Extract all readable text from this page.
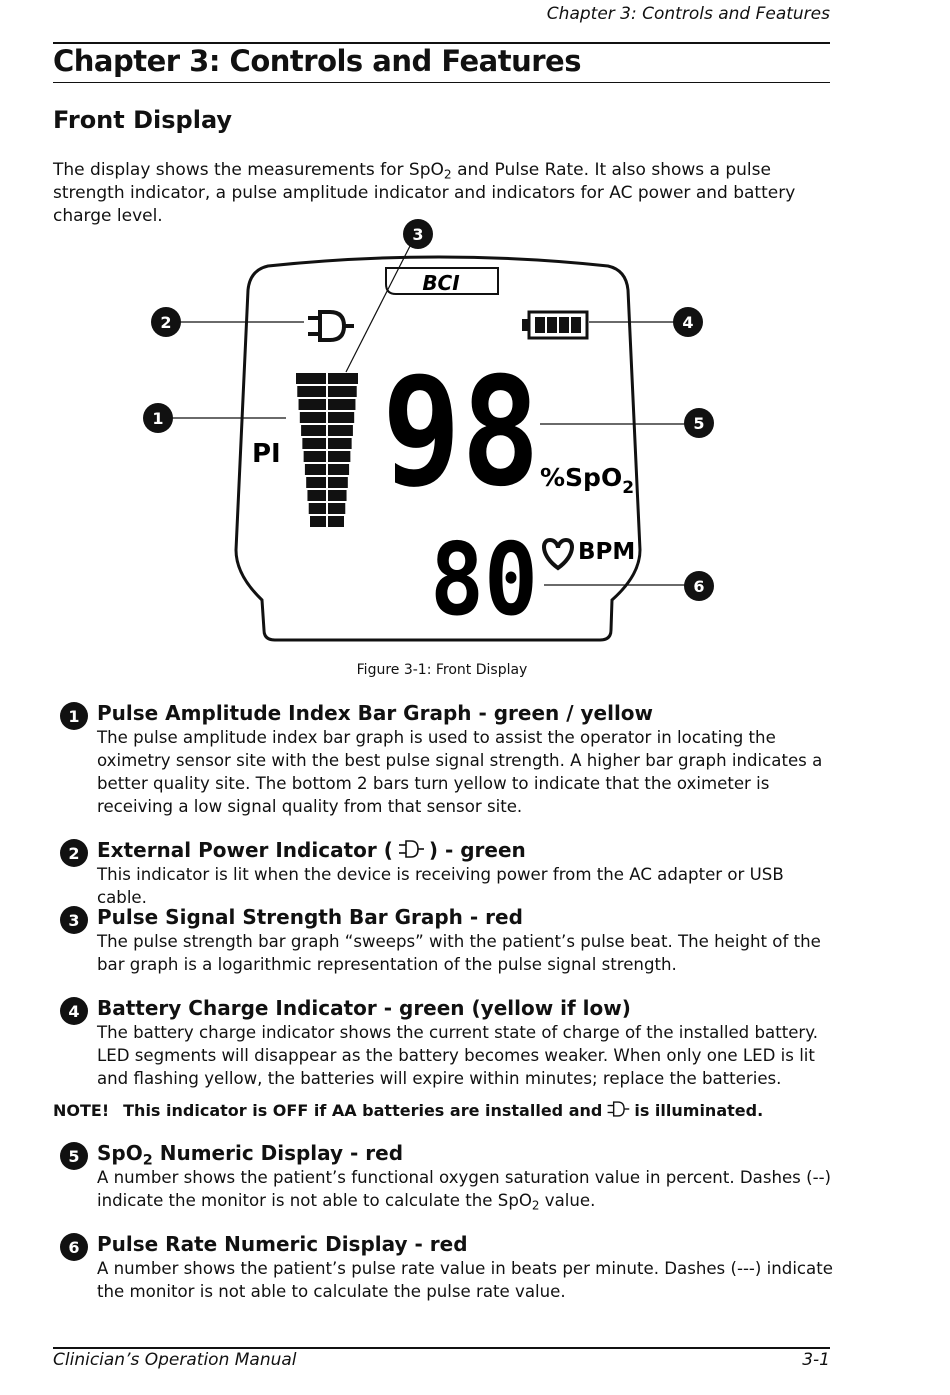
Chapter 3: Controls and Features
Chapter 3: Controls and Features
Front Display
The display shows the measurements for SpO$_2$ and Pulse Rate. It also shows a pulse strength indicator, a pulse amplitude indicator and indicators for AC power and battery charge level.
BCI
PI 98 %SpO$_2$
BPM
80
1
2
3
4
5
6
Figure 3-1: Front Display
1 Pulse Amplitude Index Bar Graph - green / yellow
The pulse amplitude index bar graph is used to assist the operator in locating the oximetry sensor site with the best pulse signal strength. A higher bar graph indicates a better quality site. The bottom 2 bars turn yellow to indicate that the oximeter is receiving a low signal quality from that sensor site.
2 External Power Indicator ( ) - green
This indicator is lit when the device is receiving power from the AC adapter or USB cable.
3 Pulse Signal Strength Bar Graph - red
The pulse strength bar graph “sweeps” with the patient’s pulse beat. The height of the bar graph is a logarithmic representation of the pulse signal strength.
4 Battery Charge Indicator - green (yellow if low)
The battery charge indicator shows the current state of charge of the installed battery. LED segments will disappear as the battery becomes weaker. When only one LED is lit and flashing yellow, the batteries will expire within minutes; replace the batteries.
NOTE! This indicator is OFF if AA batteries are installed and is illuminated.
5 SpO$_2$ Numeric Display - red
A number shows the patient’s functional oxygen saturation value in percent. Dashes (--) indicate the monitor is not able to calculate the SpO$_2$ value.
6 Pulse Rate Numeric Display - red
A number shows the patient’s pulse rate value in beats per minute. Dashes (---) indicate the monitor is not able to calculate the pulse rate value.
Clinician’s Operation Manual	3-1
